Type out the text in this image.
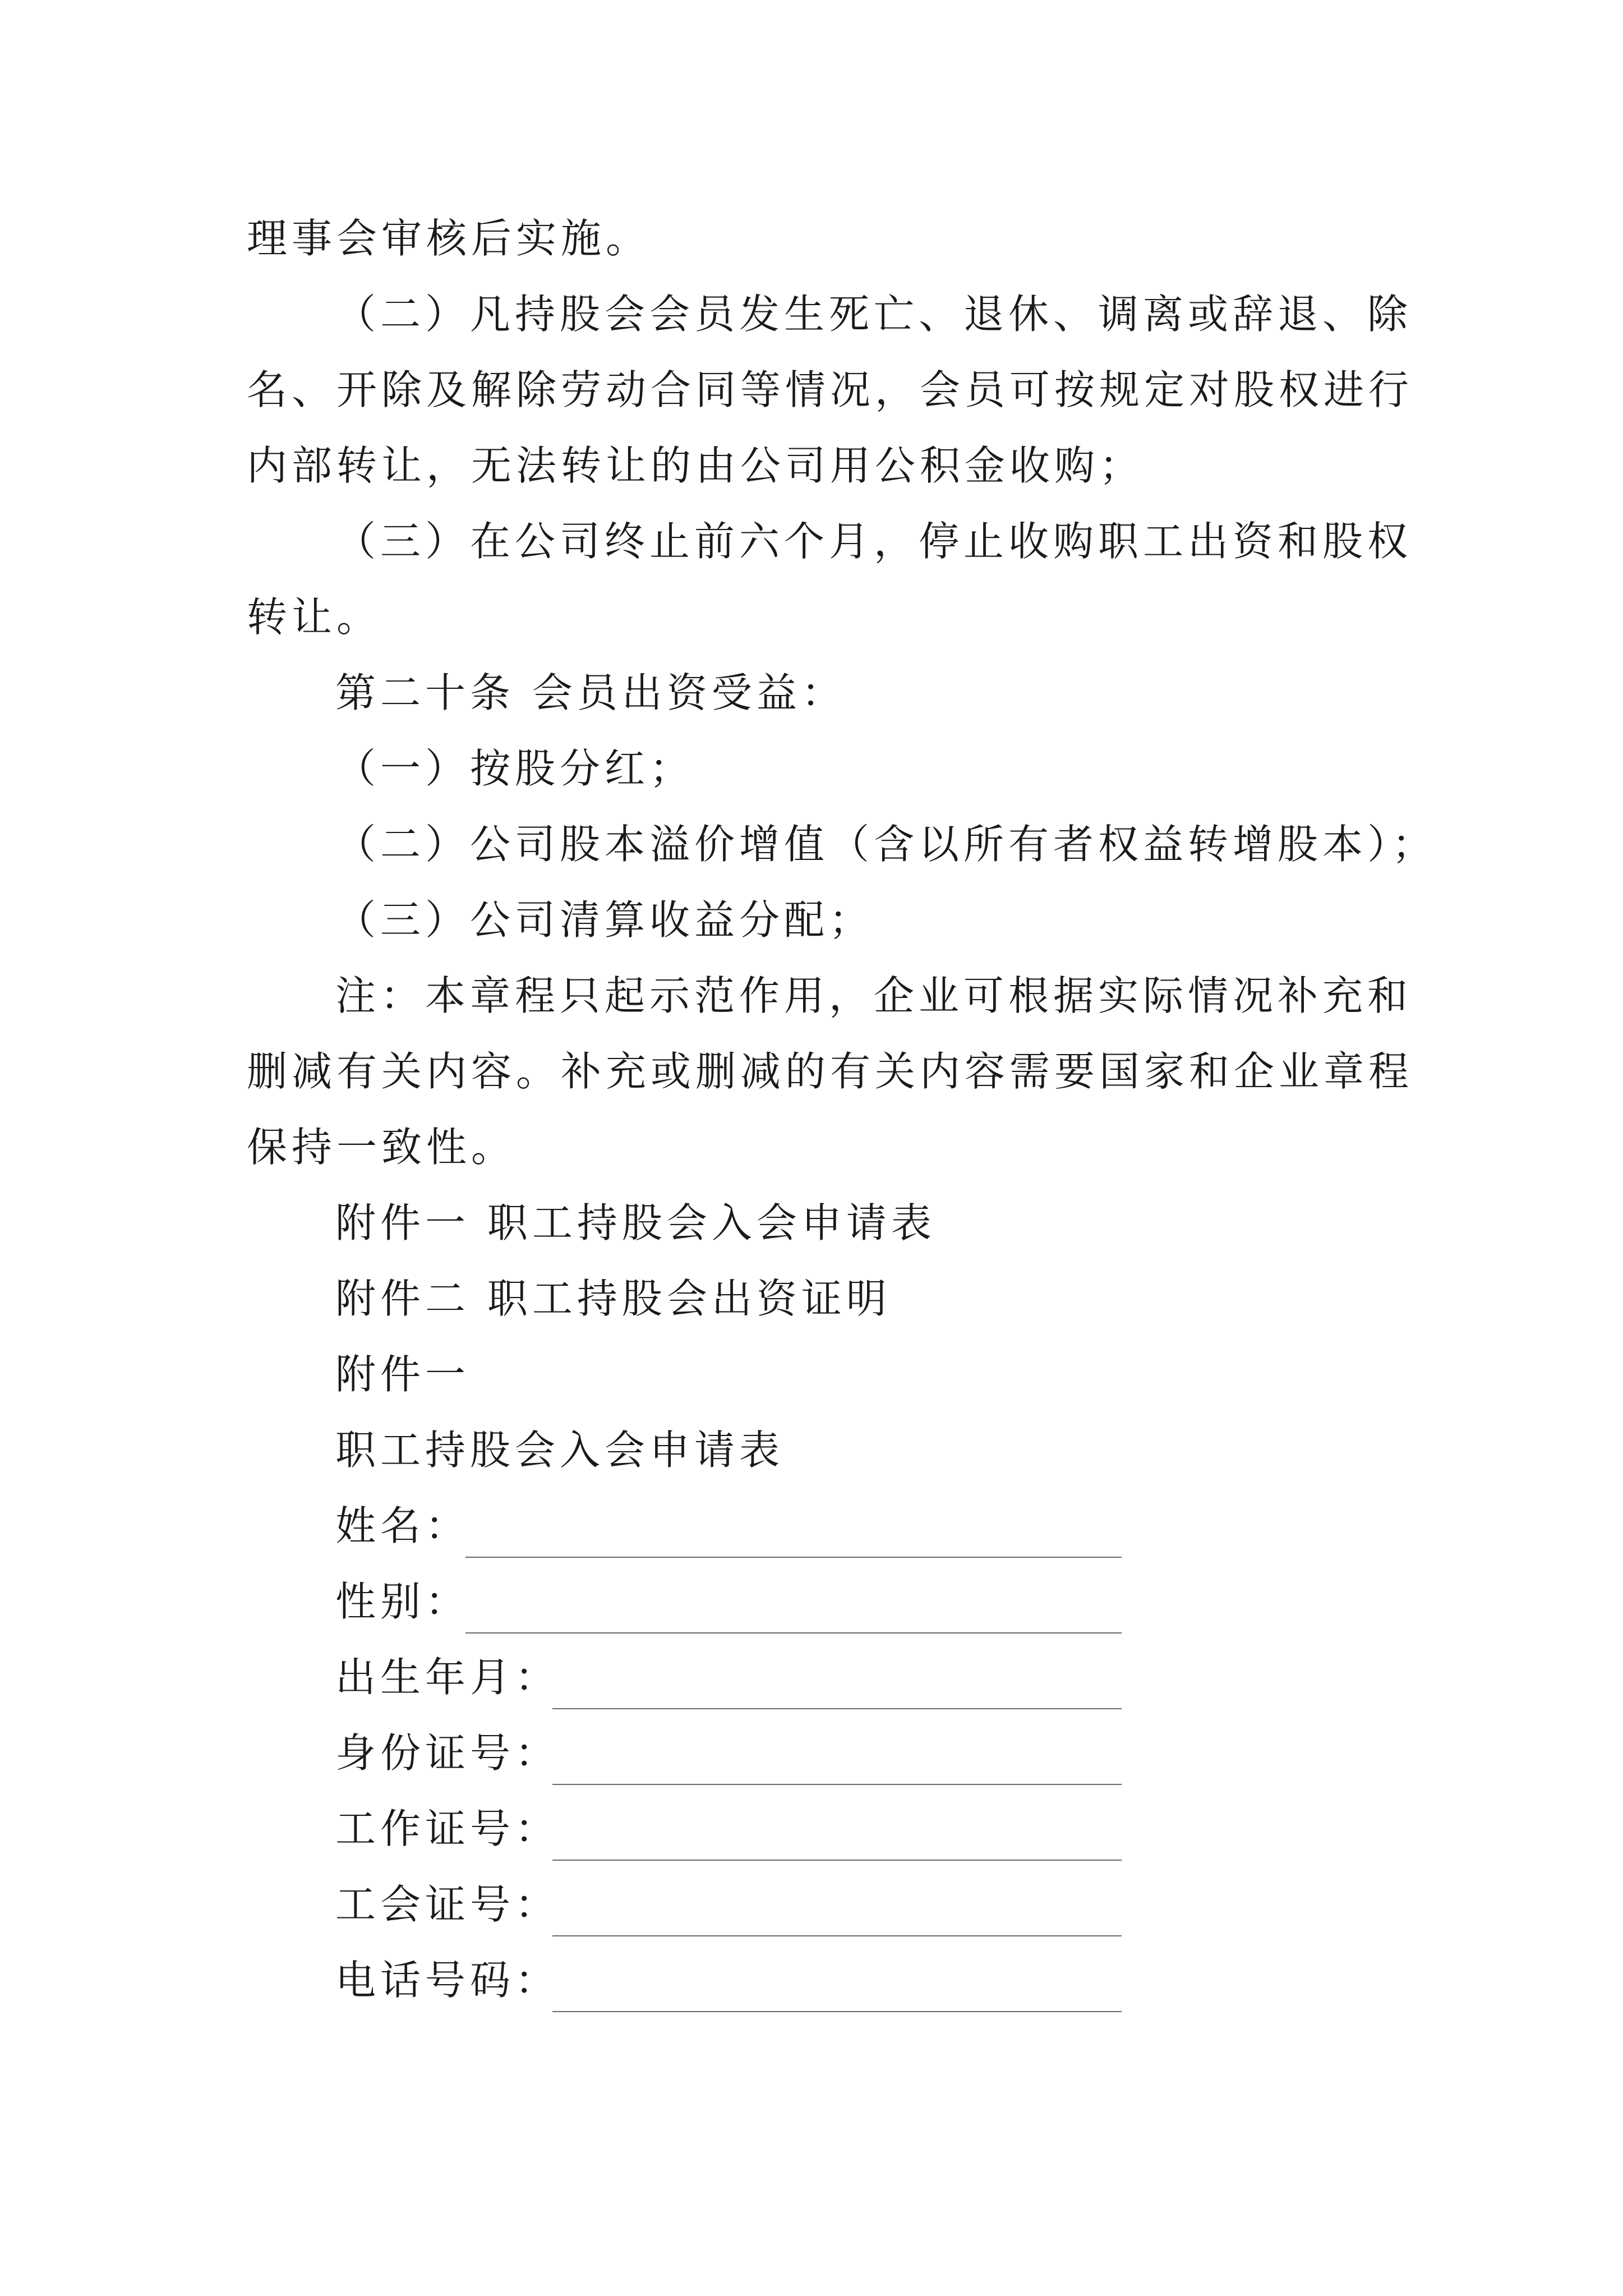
理事会审核后实施。
（二）凡持股会会员发生死亡、退休、调离或辞退、除
名、开除及解除劳动合同等情况，会员可按规定对股权进行
内部转让，无法转让的由公司用公积金收购；
（三）在公司终止前六个月，停止收购职工出资和股权
转让。
第二十条 会员出资受益：
（一）按股分红；
（二）公司股本溢价增值（含以所有者权益转增股本）；
（三）公司清算收益分配；
注：本章程只起示范作用，企业可根据实际情况补充和
删减有关内容。补充或删减的有关内容需要国家和企业章程
保持一致性。
附件一 职工持股会入会申请表
附件二 职工持股会出资证明
附件一
职工持股会入会申请表
姓名：
性别：
出生年月：
身份证号：
工作证号：
工会证号：
电话号码：
